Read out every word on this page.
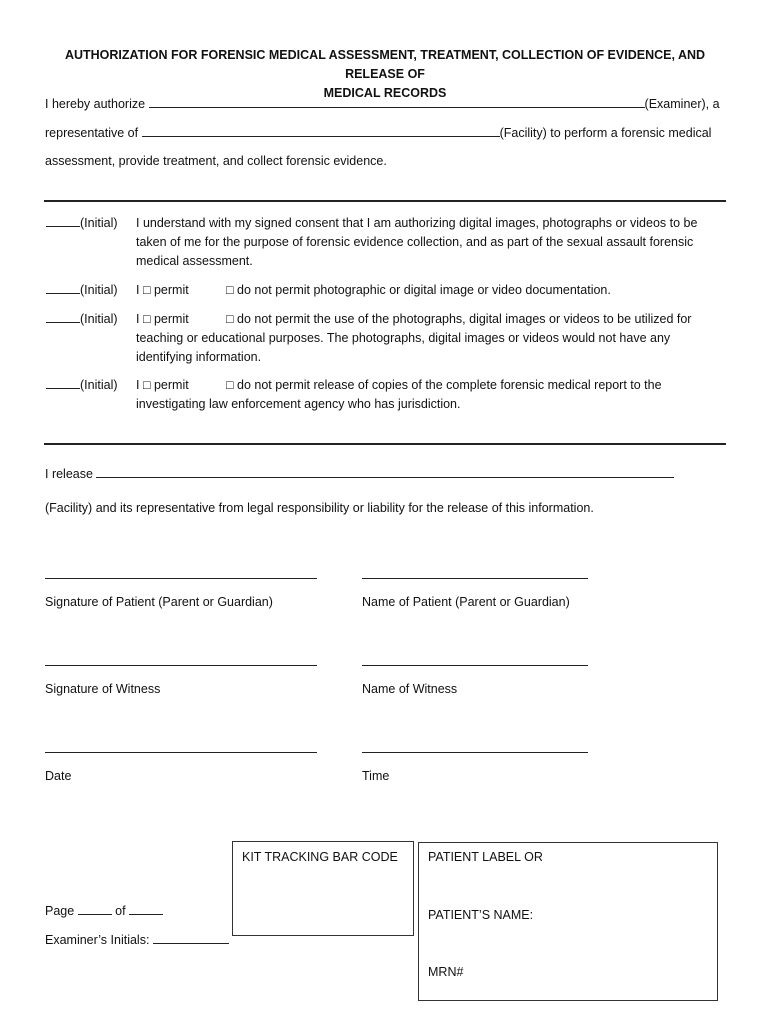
AUTHORIZATION FOR FORENSIC MEDICAL ASSESSMENT, TREATMENT, COLLECTION OF EVIDENCE, AND RELEASE OF
MEDICAL RECORDS
I hereby authorize	(Examiner), a
representative of	(Facility) to perform a forensic medical
assessment, provide treatment, and collect forensic evidence.
(Initial)	I understand with my signed consent that I am authorizing digital images, photographs or videos to be taken of me for the purpose of forensic evidence collection, and as part of the sexual assault forensic medical assessment.
(Initial)	I □ permit	□ do not permit photographic or digital image or video documentation.
(Initial)	I □ permit	□ do not permit the use of the photographs, digital images or videos to be utilized for
teaching or educational purposes. The photographs, digital images or videos would not have any identifying information.
(Initial)	I □ permit	□ do not permit release of copies of the complete forensic medical report to the
investigating law enforcement agency who has jurisdiction.
I release
(Facility) and its representative from legal responsibility or liability for the release of this information.
Signature of Patient (Parent or Guardian)	Name of Patient (Parent or Guardian)
Signature of Witness	Name of Witness
Date	Time
KIT TRACKING BAR CODE	PATIENT LABEL OR
PATIENT’S NAME:
MRN#
Page	of
Examiner’s Initials:
